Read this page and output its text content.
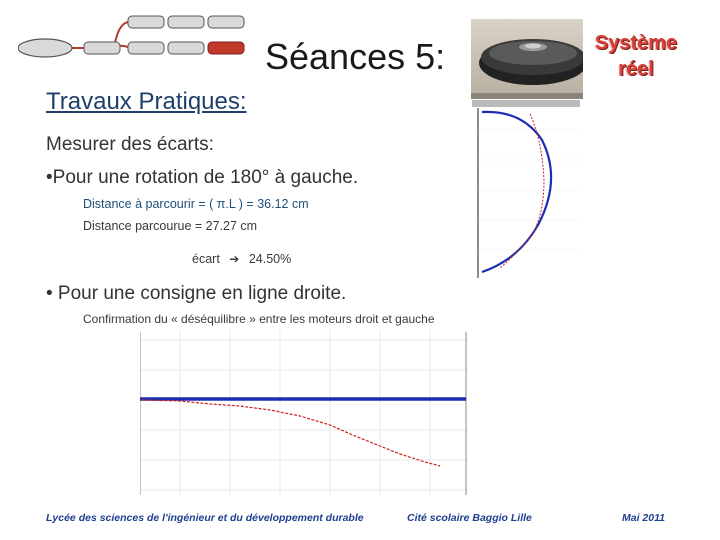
Séances 5:	Système
réel
Travaux Pratiques:
Mesurer des écarts:
•Pour une rotation de 180° à gauche.
Distance à parcourir = ( π.L ) = 36.12 cm
Distance parcourue = 27.27 cm
écart ➔ 24.50%
• Pour une consigne en ligne droite.
Confirmation du « déséquilibre » entre les moteurs droit et gauche
Lycée des sciences de l'ingénieur et du développement durable	Cité scolaire Baggio Lille	Mai 2011
